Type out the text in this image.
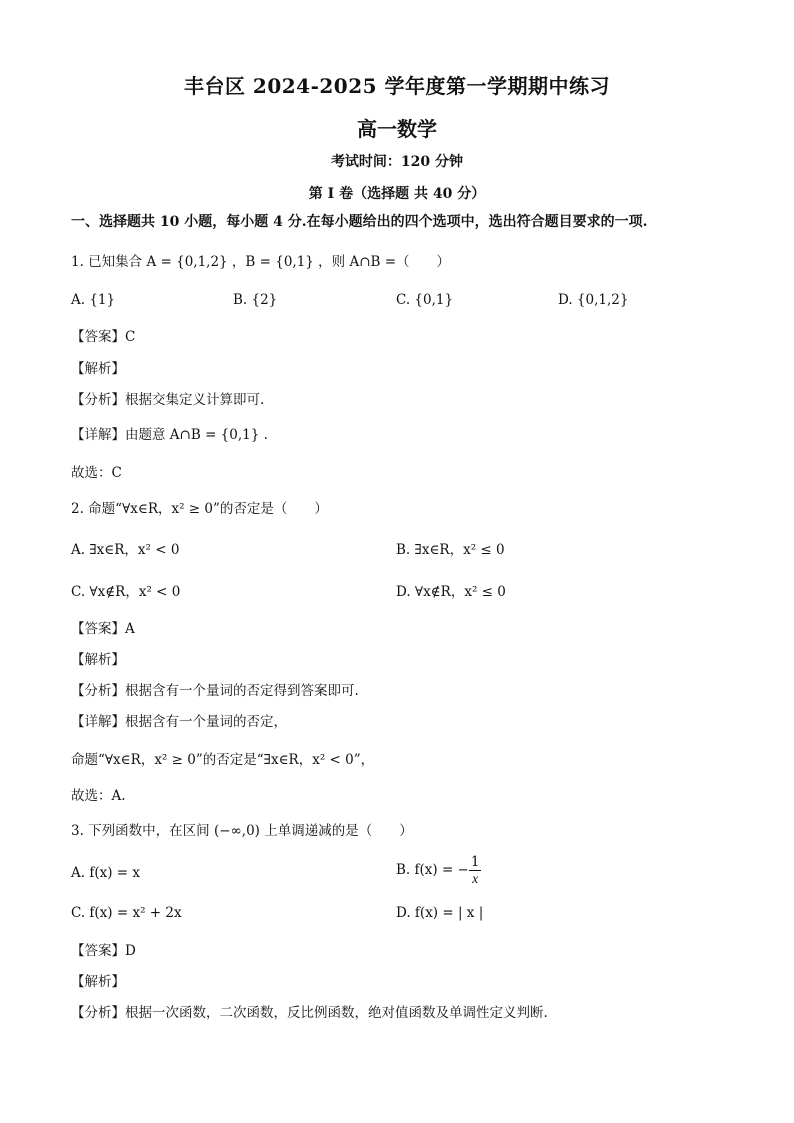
丰台区 2024-2025 学年度第一学期期中练习
高一数学
考试时间：120 分钟
第 I 卷（选择题 共 40 分）
一、选择题共 10 小题，每小题 4 分.在每小题给出的四个选项中，选出符合题目要求的一项.
1. 已知集合 A = {0,1,2} ，B = {0,1} ，则 A∩B =（　　）
A. {1}	B. {2}	C. {0,1}	D. {0,1,2}
【答案】C
【解析】
【分析】根据交集定义计算即可.
【详解】由题意 A∩B = {0,1} .
故选：C
2. 命题“∀x∈R，x² ≥ 0”的否定是（　　）
A. ∃x∈R，x² < 0	B. ∃x∈R，x² ≤ 0
C. ∀x∉R，x² < 0	D. ∀x∉R，x² ≤ 0
【答案】A
【解析】
【分析】根据含有一个量词的否定得到答案即可.
【详解】根据含有一个量词的否定，
命题“∀x∈R，x² ≥ 0”的否定是“∃x∈R，x² < 0”，
故选：A.
3. 下列函数中，在区间 (−∞,0) 上单调递减的是（　　）
A. f(x) = x	B. f(x) = − $\frac{1}{x}$
C. f(x) = x² + 2x	D. f(x) = | x |
【答案】D
【解析】
【分析】根据一次函数，二次函数，反比例函数，绝对值函数及单调性定义判断.
